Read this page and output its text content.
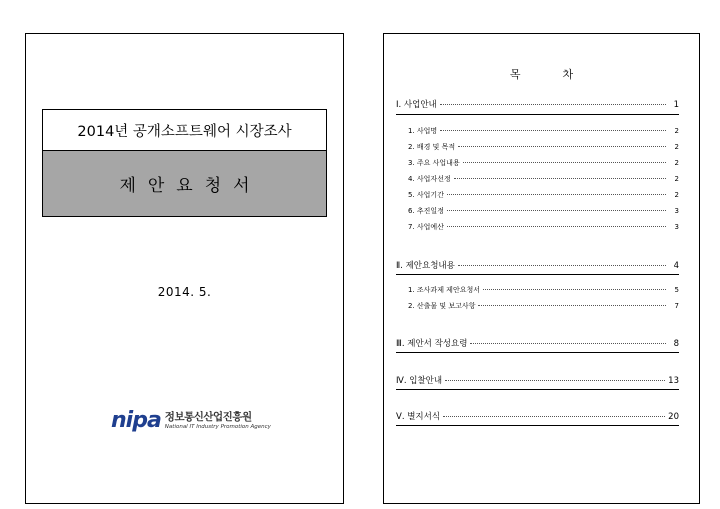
2014년 공개소프트웨어 시장조사
제안요청서
2014. 5.
nipa 정보통신산업진흥원
National IT Industry Promotion Agency
목	차
Ⅰ. 사업안내	1
1. 사업명	2
2. 배경 및 목적	2
3. 주요 사업내용	2
4. 사업자선정	2
5. 사업기간	2
6. 추진일정	3
7. 사업예산	3
Ⅱ. 제안요청내용	4
1. 조사과제 제안요청서	5
2. 산출물 및 보고사항	7
Ⅲ. 제안서 작성요령	8
Ⅳ. 입찰안내	13
Ⅴ. 별지서식	20
